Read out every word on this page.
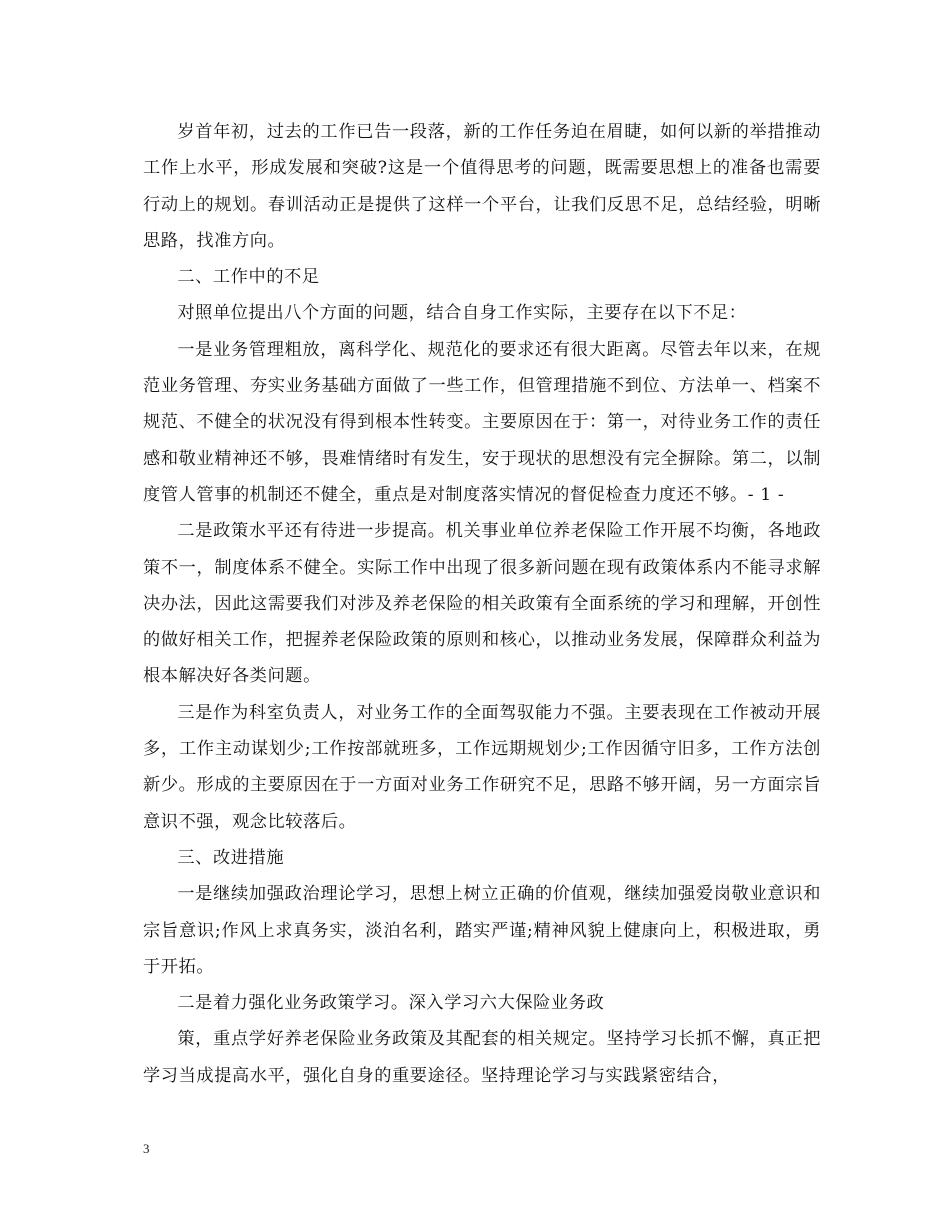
岁首年初，过去的工作已告一段落，新的工作任务迫在眉睫，如何以新的举措推动工作上水平，形成发展和突破?这是一个值得思考的问题，既需要思想上的准备也需要行动上的规划。春训活动正是提供了这样一个平台，让我们反思不足，总结经验，明晰思路，找准方向。

二、工作中的不足

对照单位提出八个方面的问题，结合自身工作实际，主要存在以下不足：

一是业务管理粗放，离科学化、规范化的要求还有很大距离。尽管去年以来，在规范业务管理、夯实业务基础方面做了一些工作，但管理措施不到位、方法单一、档案不规范、不健全的状况没有得到根本性转变。主要原因在于：第一，对待业务工作的责任感和敬业精神还不够，畏难情绪时有发生，安于现状的思想没有完全摒除。第二，以制度管人管事的机制还不健全，重点是对制度落实情况的督促检查力度还不够。- 1 -

二是政策水平还有待进一步提高。机关事业单位养老保险工作开展不均衡，各地政策不一，制度体系不健全。实际工作中出现了很多新问题在现有政策体系内不能寻求解决办法，因此这需要我们对涉及养老保险的相关政策有全面系统的学习和理解，开创性的做好相关工作，把握养老保险政策的原则和核心，以推动业务发展，保障群众利益为根本解决好各类问题。

三是作为科室负责人，对业务工作的全面驾驭能力不强。主要表现在工作被动开展多，工作主动谋划少;工作按部就班多，工作远期规划少;工作因循守旧多，工作方法创新少。形成的主要原因在于一方面对业务工作研究不足，思路不够开阔，另一方面宗旨意识不强，观念比较落后。

三、改进措施

一是继续加强政治理论学习，思想上树立正确的价值观，继续加强爱岗敬业意识和宗旨意识;作风上求真务实，淡泊名利，踏实严谨;精神风貌上健康向上，积极进取，勇于开拓。

二是着力强化业务政策学习。深入学习六大保险业务政

策，重点学好养老保险业务政策及其配套的相关规定。坚持学习长抓不懈，真正把学习当成提高水平，强化自身的重要途径。坚持理论学习与实践紧密结合，

3
